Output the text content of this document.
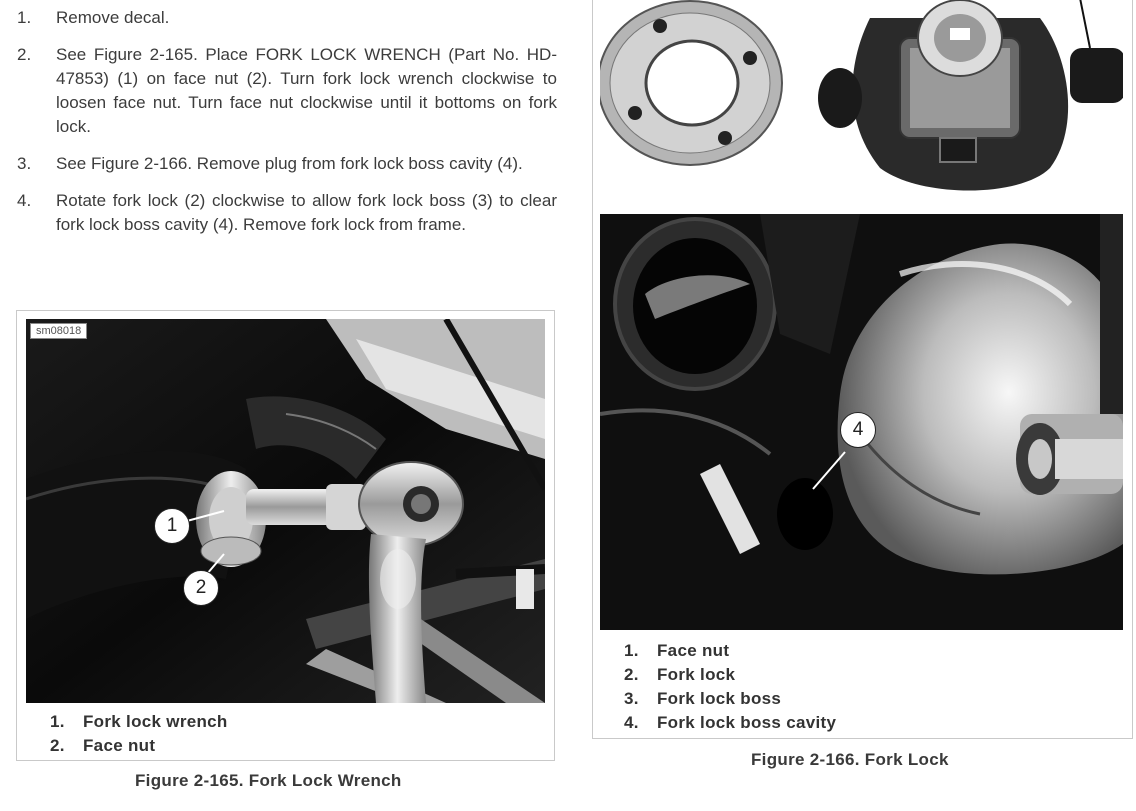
1. Remove decal.
2. See Figure 2-165. Place FORK LOCK WRENCH (Part No. HD-47853) (1) on face nut (2). Turn fork lock wrench clockwise to loosen face nut. Turn face nut clockwise until it bottoms on fork lock.
3. See Figure 2-166. Remove plug from fork lock boss cavity (4).
4. Rotate fork lock (2) clockwise to allow fork lock boss (3) to clear fork lock boss cavity (4). Remove fork lock from frame.
sm08018
1
2
1. Fork lock wrench
2. Face nut
Figure 2-165. Fork Lock Wrench
4
1. Face nut
2. Fork lock
3. Fork lock boss
4. Fork lock boss cavity
Figure 2-166. Fork Lock
